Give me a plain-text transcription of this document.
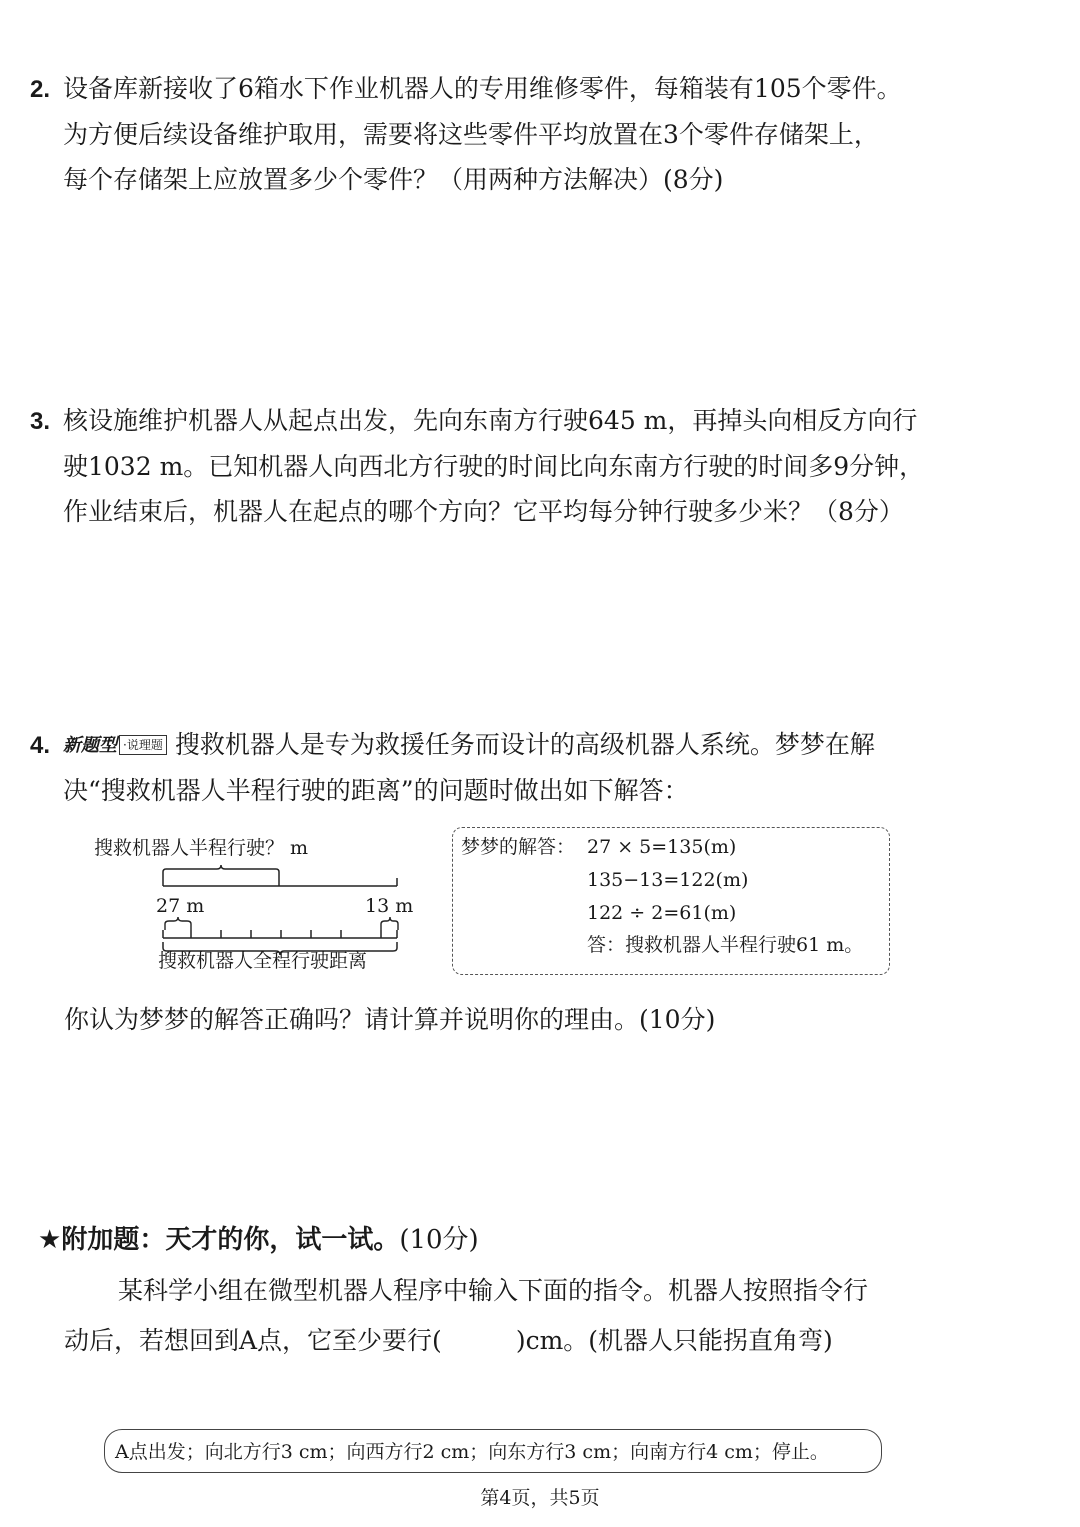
2. 设备库新接收了6箱水下作业机器人的专用维修零件，每箱装有105个零件。
为方便后续设备维护取用，需要将这些零件平均放置在3个零件存储架上，
每个存储架上应放置多少个零件？（用两种方法解决）(8分)
3. 核设施维护机器人从起点出发，先向东南方行驶645 m，再掉头向相反方向行
驶1032 m。已知机器人向西北方行驶的时间比向东南方行驶的时间多9分钟，
作业结束后，机器人在起点的哪个方向？它平均每分钟行驶多少米？（8分）
4. 新题型 ·说理题 搜救机器人是专为救援任务而设计的高级机器人系统。梦梦在解
决“搜救机器人半程行驶的距离”的问题时做出如下解答：
搜救机器人半程行驶？ m
27 m	13 m
搜救机器人全程行驶距离
梦梦的解答： 27 × 5=135(m)
135−13=122(m)
122 ÷ 2=61(m)
答：搜救机器人半程行驶61 m。
你认为梦梦的解答正确吗？请计算并说明你的理由。(10分)
★附加题：天才的你，试一试。(10分)
某科学小组在微型机器人程序中输入下面的指令。机器人按照指令行
动后，若想回到A点，它至少要行(	)cm。(机器人只能拐直角弯)
A点出发；向北方行3 cm；向西方行2 cm；向东方行3 cm；向南方行4 cm；停止。
第4页，共5页
